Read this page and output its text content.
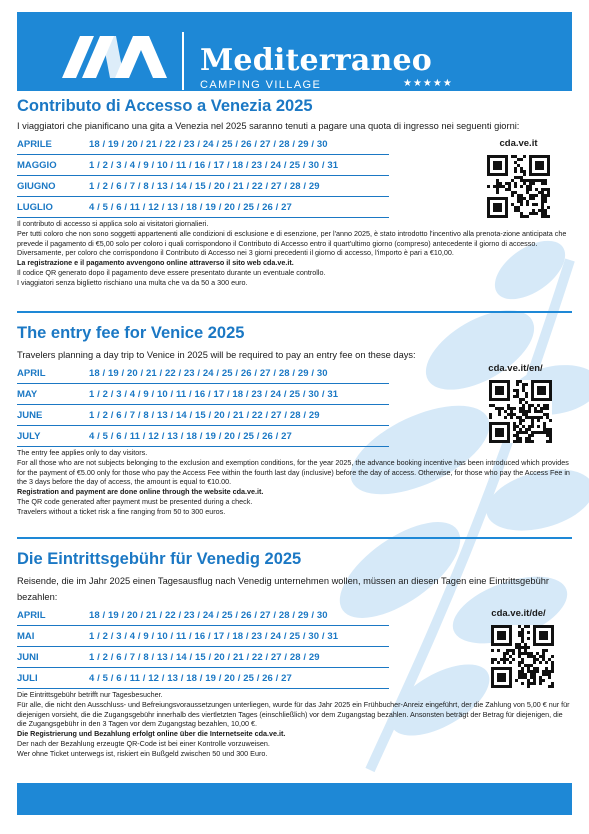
Mediterraneo
CAMPING VILLAGE	★★★★★
Contributo di Accesso a Venezia 2025
I viaggiatori che pianificano una gita a Venezia nel 2025 saranno tenuti a pagare una quota di ingresso nei seguenti giorni:
APRILE	18 / 19 / 20 / 21 / 22 / 23 / 24 / 25 / 26 / 27 / 28 / 29 / 30
MAGGIO	1 / 2 / 3 / 4 / 9 / 10 / 11 / 16 / 17 / 18 / 23 / 24 / 25 / 30 / 31
GIUGNO	1 / 2 / 6 / 7 / 8 / 13 / 14 / 15 / 20 / 21 / 22 / 27 / 28 / 29
LUGLIO	4 / 5 / 6 / 11 / 12 / 13 / 18 / 19 / 20 / 25 / 26 / 27

Il contributo di accesso si applica solo ai visitatori giornalieri.

Per tutti coloro che non sono soggetti appartenenti alle condizioni di esclusione e di esenzione, per l'anno 2025, è stato introdotto l'incentivo alla prenota-zione anticipata che prevede il pagamento di €5,00 solo per coloro i quali corrispondono il Contributo di Accesso entro il quart'ultimo giorno (compreso) antecedente il giorno di accesso. Diversamente, per coloro che corrispondono il Contributo di Accesso nei 3 giorni precedenti il giorno di accesso, l'importo è pari a €10,00.

La registrazione e il pagamento avvengono online attraverso il sito web cda.ve.it.

Il codice QR generato dopo il pagamento deve essere presentato durante un eventuale controllo.

I viaggiatori senza biglietto rischiano una multa che va da 50 a 300 euro.

cda.ve.it
The entry fee for Venice 2025
Travelers planning a day trip to Venice in 2025 will be required to pay an entry fee on these days:
APRIL	18 / 19 / 20 / 21 / 22 / 23 / 24 / 25 / 26 / 27 / 28 / 29 / 30
MAY	1 / 2 / 3 / 4 / 9 / 10 / 11 / 16 / 17 / 18 / 23 / 24 / 25 / 30 / 31
JUNE	1 / 2 / 6 / 7 / 8 / 13 / 14 / 15 / 20 / 21 / 22 / 27 / 28 / 29
JULY	4 / 5 / 6 / 11 / 12 / 13 / 18 / 19 / 20 / 25 / 26 / 27

The entry fee applies only to day visitors.

For all those who are not subjects belonging to the exclusion and exemption conditions, for the year 2025, the advance booking incentive has been introduced which provides for the payment of €5.00 only for those who pay the Access Fee within the fourth last day (inclusive) before the day of access. Otherwise, for those who pay the Access Fee in the 3 days before the day of access, the amount is equal to €10.00.

Registration and payment are done online through the website cda.ve.it.

The QR code generated after payment must be presented during a check.

Travelers without a ticket risk a fine ranging from 50 to 300 euros.

cda.ve.it/en/
Die Eintrittsgebühr für Venedig 2025
Reisende, die im Jahr 2025 einen Tagesausflug nach Venedig unternehmen wollen, müssen an diesen Tagen eine Eintrittsgebühr bezahlen:
APRIL	18 / 19 / 20 / 21 / 22 / 23 / 24 / 25 / 26 / 27 / 28 / 29 / 30
MAI	1 / 2 / 3 / 4 / 9 / 10 / 11 / 16 / 17 / 18 / 23 / 24 / 25 / 30 / 31
JUNI	1 / 2 / 6 / 7 / 8 / 13 / 14 / 15 / 20 / 21 / 22 / 27 / 28 / 29
JULI	4 / 5 / 6 / 11 / 12 / 13 / 18 / 19 / 20 / 25 / 26 / 27

Die Eintrittsgebühr betrifft nur Tagesbesucher.

Für alle, die nicht den Ausschluss- und Befreiungsvoraussetzungen unterliegen, wurde für das Jahr 2025 ein Frühbucher-Anreiz eingeführt, der die Zahlung von 5,00 € nur für diejenigen vorsieht, die die Zugangsgebühr innerhalb des viertletzten Tages (einschließlich) vor dem Zugangstag bezahlen. Ansonsten beträgt der Betrag für diejenigen, die die Zugangsgebühr in den 3 Tagen vor dem Zugangstag bezahlen, 10,00 €.

Die Registrierung und Bezahlung erfolgt online über die Internetseite cda.ve.it.

Der nach der Bezahlung erzeugte QR-Code ist bei einer Kontrolle vorzuweisen.

Wer ohne Ticket unterwegs ist, riskiert ein Bußgeld zwischen 50 und 300 Euro.

cda.ve.it/de/
